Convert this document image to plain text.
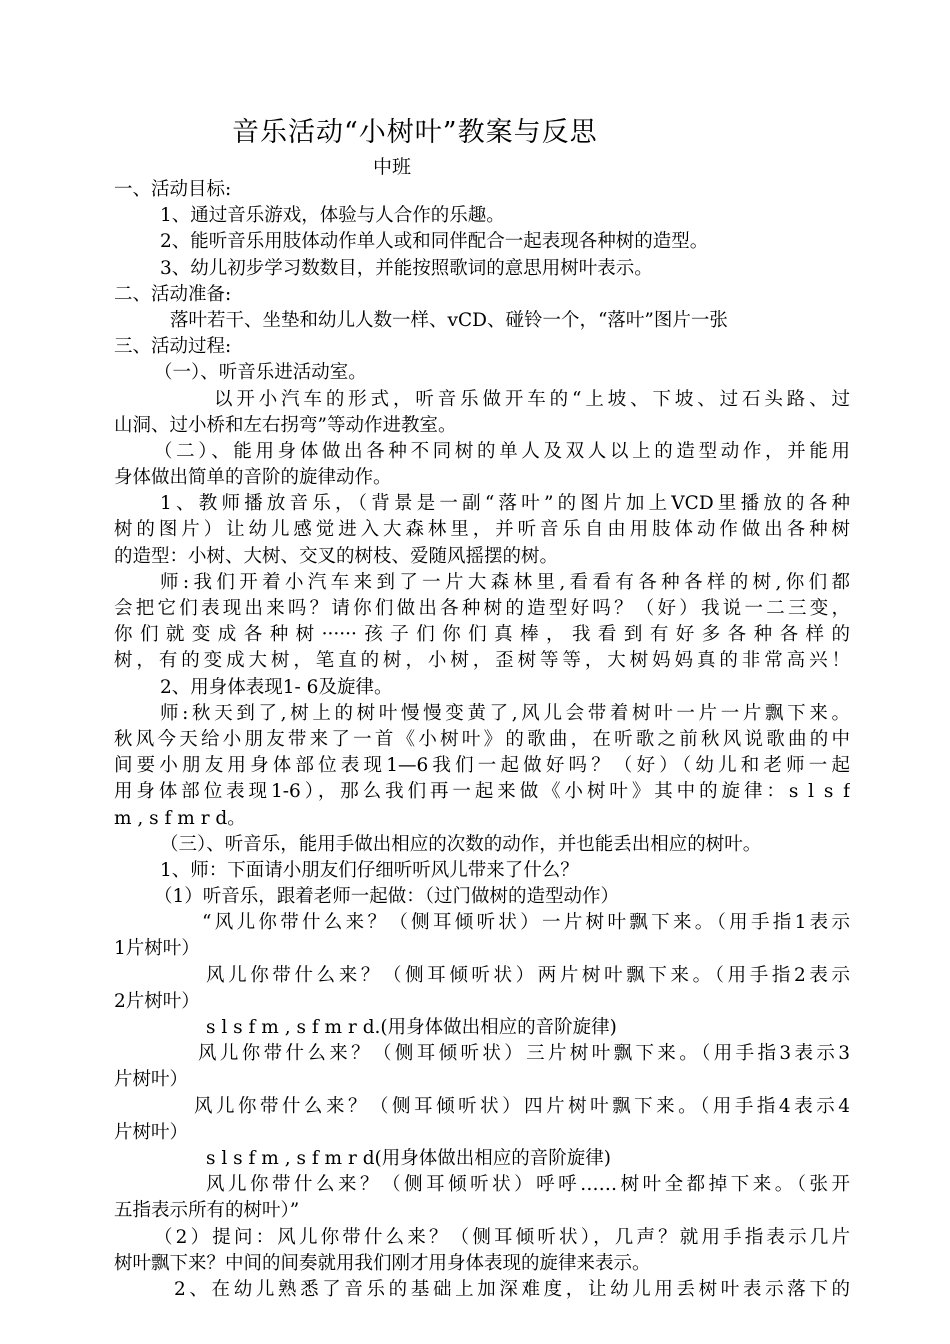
音乐活动“小树叶”教案与反思
中班
一、活动目标:
1、通过音乐游戏，体验与人合作的乐趣。
2、能听音乐用肢体动作单人或和同伴配合一起表现各种树的造型。
3、幼儿初步学习数数目，并能按照歌词的意思用树叶表示。
二、活动准备:
落叶若干、坐垫和幼儿人数一样、vCD、碰铃一个，“落叶”图片一张
三、活动过程:
（一）、听音乐进活动室。
以开小汽车的形式，听音乐做开车的“上坡、下坡、过石头路、过
山洞、过小桥和左右拐弯”等动作进教室。
（二）、能用身体做出各种不同树的单人及双人以上的造型动作，并能用
身体做出简单的音阶的旋律动作。
1、教师播放音乐，（背景是一副“落叶”的图片加上VCD里播放的各种
树的图片）让幼儿感觉进入大森林里，并听音乐自由用肢体动作做出各种树
的造型：小树、大树、交叉的树枝、爱随风摇摆的树。
师:我们开着小汽车来到了一片大森林里,看看有各种各样的树,你们都
会把它们表现出来吗？请你们做出各种树的造型好吗？（好）我说一二三变，
你们就变成各种树······孩子们你们真棒，我看到有好多各种各样的
树，有的变成大树，笔直的树，小树，歪树等等，大树妈妈真的非常高兴！
2、用身体表现1- 6及旋律。
师:秋天到了,树上的树叶慢慢变黄了,风儿会带着树叶一片一片飘下来。
秋风今天给小朋友带来了一首《小树叶》的歌曲，在听歌之前秋风说歌曲的中
间要小朋友用身体部位表现1—6我们一起做好吗？（好）（幼儿和老师一起
用身体部位表现1-6），那么我们再一起来做《小树叶》其中的旋律：s l s f
m , s f m r d。
（三）、听音乐，能用手做出相应的次数的动作，并也能丢出相应的树叶。
1、师：下面请小朋友们仔细听听风儿带来了什么？
（1）听音乐，跟着老师一起做：（过门做树的造型动作）
“风儿你带什么来？（侧耳倾听状）一片树叶飘下来。（用手指1表示
1片树叶）
风儿你带什么来？（侧耳倾听状）两片树叶飘下来。（用手指2表示
2片树叶）
s l s f m , s f m r d.(用身体做出相应的音阶旋律)
风儿你带什么来？（侧耳倾听状）三片树叶飘下来。（用手指3表示3
片树叶）
风儿你带什么来？（侧耳倾听状）四片树叶飘下来。（用手指4表示4
片树叶）
s l s f m , s f m r d(用身体做出相应的音阶旋律)
风儿你带什么来？（侧耳倾听状）呼呼……树叶全都掉下来。（张开
五指表示所有的树叶）”
（2）提问：风儿你带什么来？（侧耳倾听状），几声？就用手指表示几片
树叶飘下来？中间的间奏就用我们刚才用身体表现的旋律来表示。
2、在幼儿熟悉了音乐的基础上加深难度，让幼儿用丢树叶表示落下的
